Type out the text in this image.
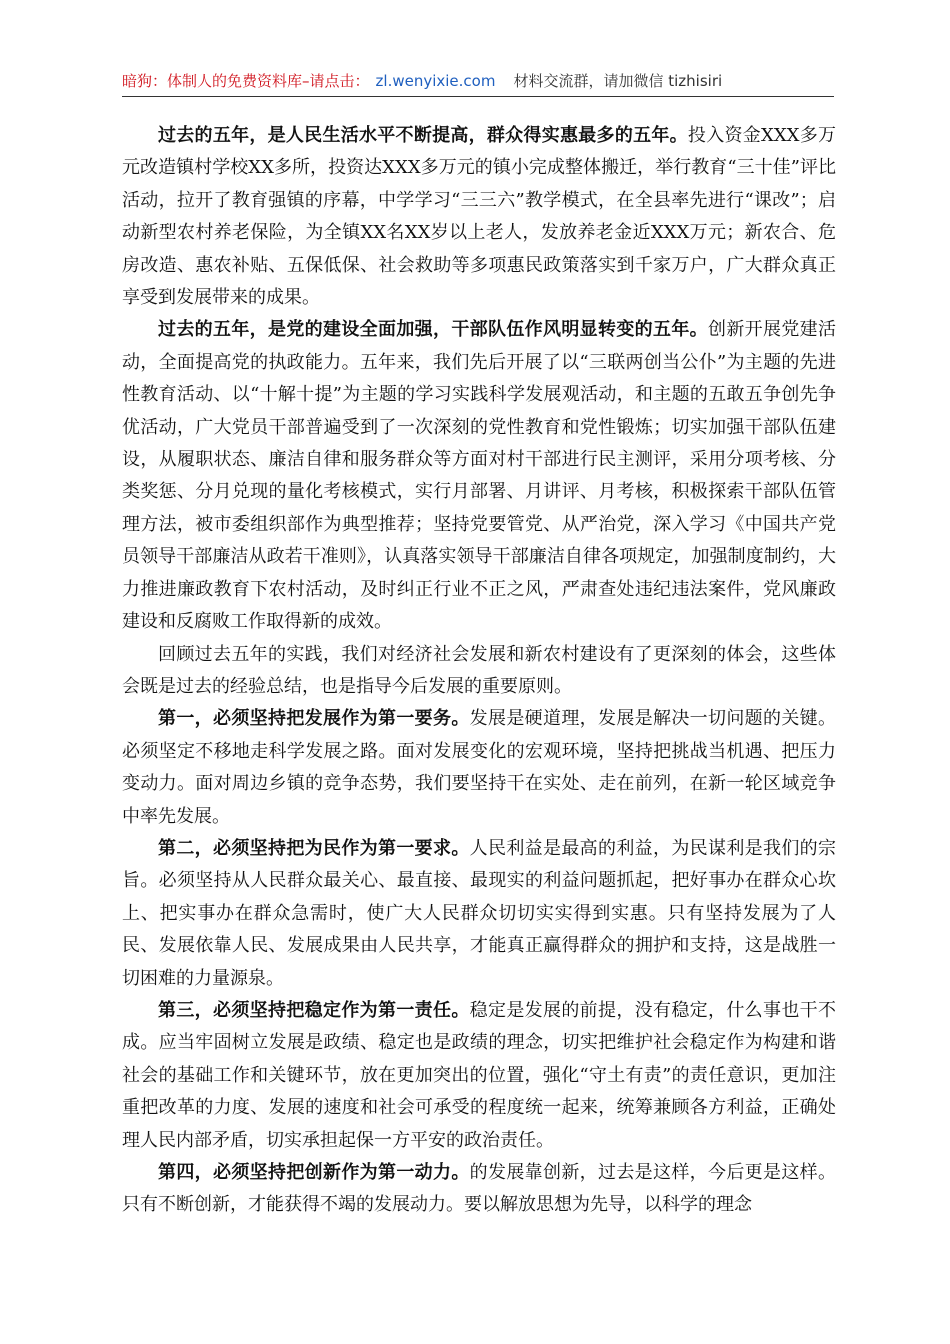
暗狗：体制人的免费资料库–请点击： zl.wenyixie.com 材料交流群，请加微信 tizhisiri

过去的五年，是人民生活水平不断提高，群众得实惠最多的五年。投入资金XXX多万元改造镇村学校XX多所，投资达XXX多万元的镇小完成整体搬迁，举行教育“三十佳”评比活动，拉开了教育强镇的序幕，中学学习“三三六”教学模式，在全县率先进行“课改”；启动新型农村养老保险，为全镇XX名XX岁以上老人，发放养老金近XXX万元；新农合、危房改造、惠农补贴、五保低保、社会救助等多项惠民政策落实到千家万户，广大群众真正享受到发展带来的成果。

过去的五年，是党的建设全面加强，干部队伍作风明显转变的五年。创新开展党建活动，全面提高党的执政能力。五年来，我们先后开展了以“三联两创当公仆”为主题的先进性教育活动、以“十解十提”为主题的学习实践科学发展观活动，和主题的五敢五争创先争优活动，广大党员干部普遍受到了一次深刻的党性教育和党性锻炼；切实加强干部队伍建设，从履职状态、廉洁自律和服务群众等方面对村干部进行民主测评，采用分项考核、分类奖惩、分月兑现的量化考核模式，实行月部署、月讲评、月考核，积极探索干部队伍管理方法，被市委组织部作为典型推荐；坚持党要管党、从严治党，深入学习《中国共产党员领导干部廉洁从政若干准则》，认真落实领导干部廉洁自律各项规定，加强制度制约，大力推进廉政教育下农村活动，及时纠正行业不正之风，严肃查处违纪违法案件，党风廉政建设和反腐败工作取得新的成效。

回顾过去五年的实践，我们对经济社会发展和新农村建设有了更深刻的体会，这些体会既是过去的经验总结，也是指导今后发展的重要原则。

第一，必须坚持把发展作为第一要务。发展是硬道理，发展是解决一切问题的关键。必须坚定不移地走科学发展之路。面对发展变化的宏观环境，坚持把挑战当机遇、把压力变动力。面对周边乡镇的竞争态势，我们要坚持干在实处、走在前列，在新一轮区域竞争中率先发展。

第二，必须坚持把为民作为第一要求。人民利益是最高的利益，为民谋利是我们的宗旨。必须坚持从人民群众最关心、最直接、最现实的利益问题抓起，把好事办在群众心坎上、把实事办在群众急需时，使广大人民群众切切实实得到实惠。只有坚持发展为了人民、发展依靠人民、发展成果由人民共享，才能真正赢得群众的拥护和支持，这是战胜一切困难的力量源泉。

第三，必须坚持把稳定作为第一责任。稳定是发展的前提，没有稳定，什么事也干不成。应当牢固树立发展是政绩、稳定也是政绩的理念，切实把维护社会稳定作为构建和谐社会的基础工作和关键环节，放在更加突出的位置，强化“守土有责”的责任意识，更加注重把改革的力度、发展的速度和社会可承受的程度统一起来，统筹兼顾各方利益，正确处理人民内部矛盾，切实承担起保一方平安的政治责任。

第四，必须坚持把创新作为第一动力。的发展靠创新，过去是这样，今后更是这样。只有不断创新，才能获得不竭的发展动力。要以解放思想为先导，以科学的理念
